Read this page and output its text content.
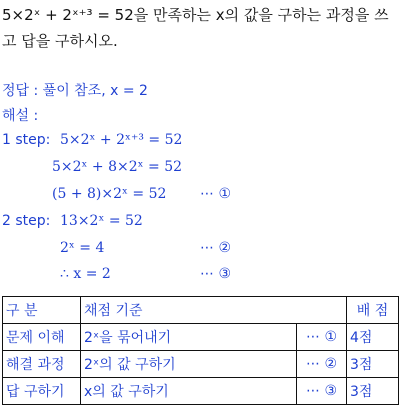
5×2ˣ + 2ˣ⁺³ = 52을 만족하는 x의 값을 구하는 과정을 쓰고 답을 구하시오.
정답 : 풀이 참조, x = 2
해설 :
1 step: 5×2ˣ + 2ˣ⁺³ = 52
5×2ˣ + 8×2ˣ = 52
(5 + 8)×2ˣ = 52 ⋯ ①
2 step: 13×2ˣ = 52
2ˣ = 4	⋯ ②
∴ x = 2	⋯ ③
구 분	채점 기준		배 점
문제 이해	2ˣ을 묶어내기	⋯ ①	4점
해결 과정	2ˣ의 값 구하기	⋯ ②	3점
답 구하기	x의 값 구하기	⋯ ③	3점
